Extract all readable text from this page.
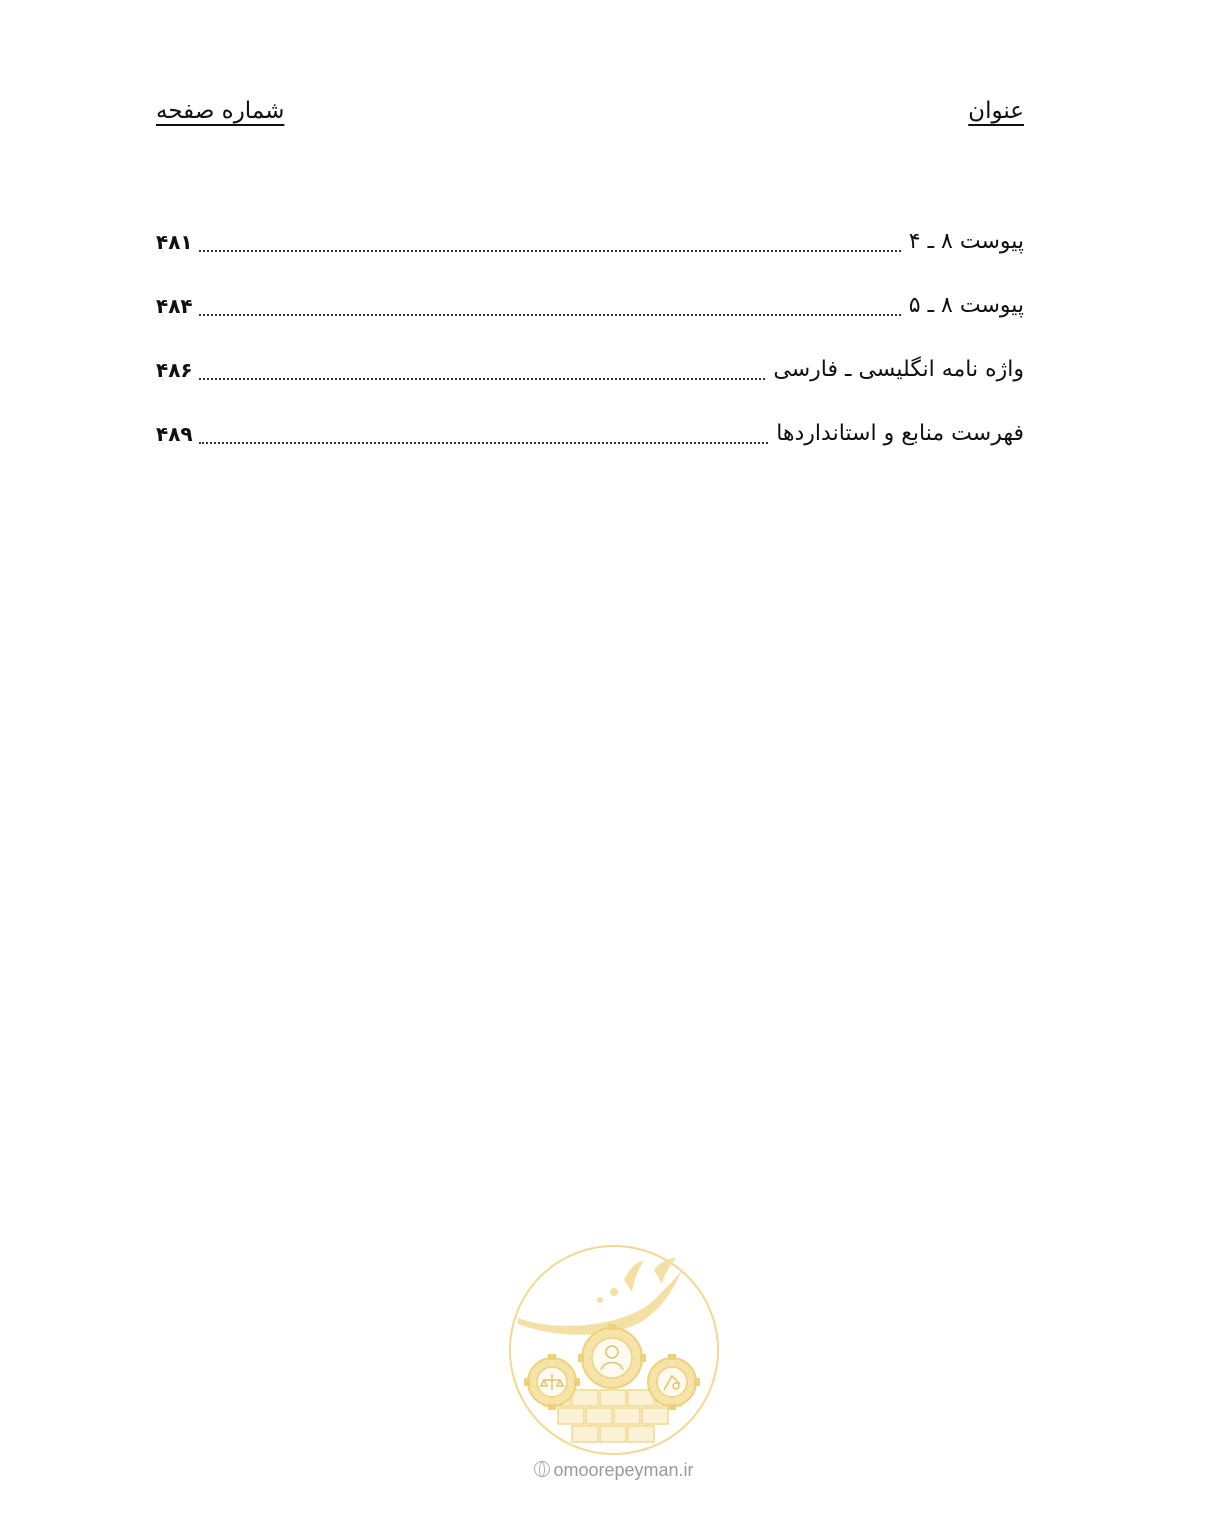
عنوان
شماره صفحه
پیوست ۸ ـ ۴
۴۸۱
پیوست ۸ ـ ۵
۴۸۴
واژه نامه انگلیسی ـ فارسی
۴۸۶
فهرست منابع و استانداردها
۴۸۹
omoorepeyman.ir
